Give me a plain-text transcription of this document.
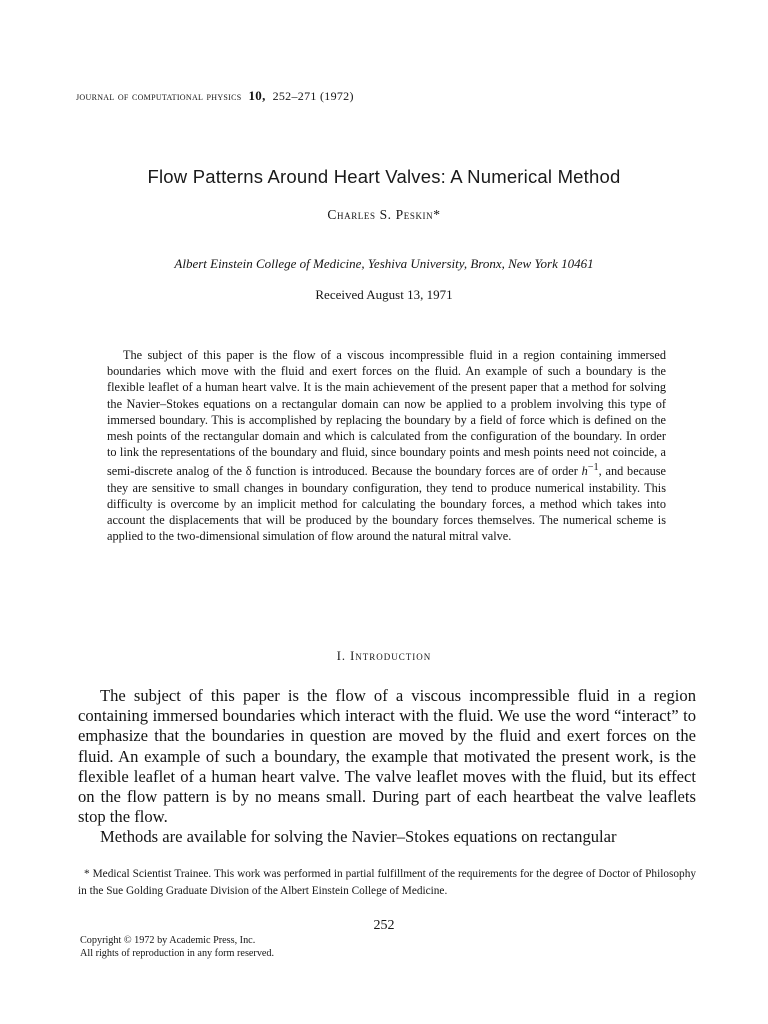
journal of computational physics 10, 252–271 (1972)
Flow Patterns Around Heart Valves: A Numerical Method
Charles S. Peskin*
Albert Einstein College of Medicine, Yeshiva University, Bronx, New York 10461
Received August 13, 1971

The subject of this paper is the flow of a viscous incompressible fluid in a region containing immersed boundaries which move with the fluid and exert forces on the fluid. An example of such a boundary is the flexible leaflet of a human heart valve. It is the main achievement of the present paper that a method for solving the Navier–Stokes equations on a rectangular domain can now be applied to a problem involving this type of immersed boundary. This is accomplished by replacing the boundary by a field of force which is defined on the mesh points of the rectangular domain and which is calculated from the configuration of the boundary. In order to link the representations of the boundary and fluid, since boundary points and mesh points need not coincide, a semi-discrete analog of the δ function is introduced. Because the boundary forces are of order $h^{-1}$, and because they are sensitive to small changes in boundary configuration, they tend to produce numerical instability. This difficulty is overcome by an implicit method for calculating the boundary forces, a method which takes into account the displacements that will be produced by the boundary forces themselves. The numerical scheme is applied to the two-dimensional simulation of flow around the natural mitral valve.

I. Introduction

The subject of this paper is the flow of a viscous incompressible fluid in a region containing immersed boundaries which interact with the fluid. We use the word “interact” to emphasize that the boundaries in question are moved by the fluid and exert forces on the fluid. An example of such a boundary, the example that motivated the present work, is the flexible leaflet of a human heart valve. The valve leaflet moves with the fluid, but its effect on the flow pattern is by no means small. During part of each heartbeat the valve leaflets stop the flow.

Methods are available for solving the Navier–Stokes equations on rectangular

* Medical Scientist Trainee. This work was performed in partial fulfillment of the requirements for the degree of Doctor of Philosophy in the Sue Golding Graduate Division of the Albert Einstein College of Medicine.

252
Copyright © 1972 by Academic Press, Inc.
All rights of reproduction in any form reserved.
